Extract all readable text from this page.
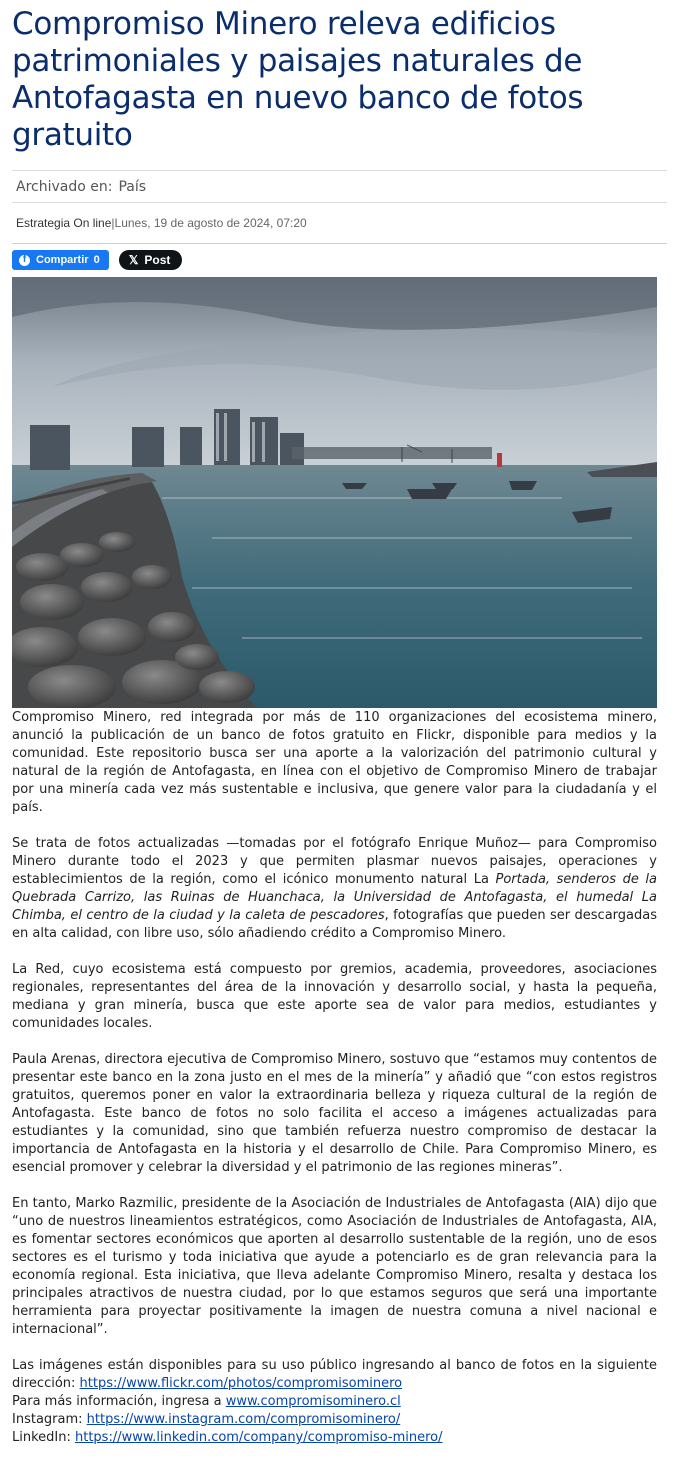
Compromiso Minero releva edificios patrimoniales y paisajes naturales de Antofagasta en nuevo banco de fotos gratuito
Archivado en: País
Estrategia On line | Lunes, 19 de agosto de 2024, 07:20
f Compartir 0 𝕏 Post

Compromiso Minero, red integrada por más de 110 organizaciones del ecosistema minero, anunció la publicación de un banco de fotos gratuito en Flickr, disponible para medios y la comunidad. Este repositorio busca ser una aporte a la valorización del patrimonio cultural y natural de la región de Antofagasta, en línea con el objetivo de Compromiso Minero de trabajar por una minería cada vez más sustentable e inclusiva, que genere valor para la ciudadanía y el país.

Se trata de fotos actualizadas —tomadas por el fotógrafo Enrique Muñoz— para Compromiso Minero durante todo el 2023 y que permiten plasmar nuevos paisajes, operaciones y establecimientos de la región, como el icónico monumento natural La Portada, senderos de la Quebrada Carrizo, las Ruinas de Huanchaca, la Universidad de Antofagasta, el humedal La Chimba, el centro de la ciudad y la caleta de pescadores, fotografías que pueden ser descargadas en alta calidad, con libre uso, sólo añadiendo crédito a Compromiso Minero.

La Red, cuyo ecosistema está compuesto por gremios, academia, proveedores, asociaciones regionales, representantes del área de la innovación y desarrollo social, y hasta la pequeña, mediana y gran minería, busca que este aporte sea de valor para medios, estudiantes y comunidades locales.

Paula Arenas, directora ejecutiva de Compromiso Minero, sostuvo que “estamos muy contentos de presentar este banco en la zona justo en el mes de la minería” y añadió que “con estos registros gratuitos, queremos poner en valor la extraordinaria belleza y riqueza cultural de la región de Antofagasta. Este banco de fotos no solo facilita el acceso a imágenes actualizadas para estudiantes y la comunidad, sino que también refuerza nuestro compromiso de destacar la importancia de Antofagasta en la historia y el desarrollo de Chile. Para Compromiso Minero, es esencial promover y celebrar la diversidad y el patrimonio de las regiones mineras”.

En tanto, Marko Razmilic, presidente de la Asociación de Industriales de Antofagasta (AIA) dijo que “uno de nuestros lineamientos estratégicos, como Asociación de Industriales de Antofagasta, AIA, es fomentar sectores económicos que aporten al desarrollo sustentable de la región, uno de esos sectores es el turismo y toda iniciativa que ayude a potenciarlo es de gran relevancia para la economía regional. Esta iniciativa, que lleva adelante Compromiso Minero, resalta y destaca los principales atractivos de nuestra ciudad, por lo que estamos seguros que será una importante herramienta para proyectar positivamente la imagen de nuestra comuna a nivel nacional e internacional”.

Las imágenes están disponibles para su uso público ingresando al banco de fotos en la siguiente dirección: https://www.flickr.com/photos/compromisominero

Para más información, ingresa a www.compromisominero.cl

Instagram: https://www.instagram.com/compromisominero/

LinkedIn: https://www.linkedin.com/company/compromiso-minero/
